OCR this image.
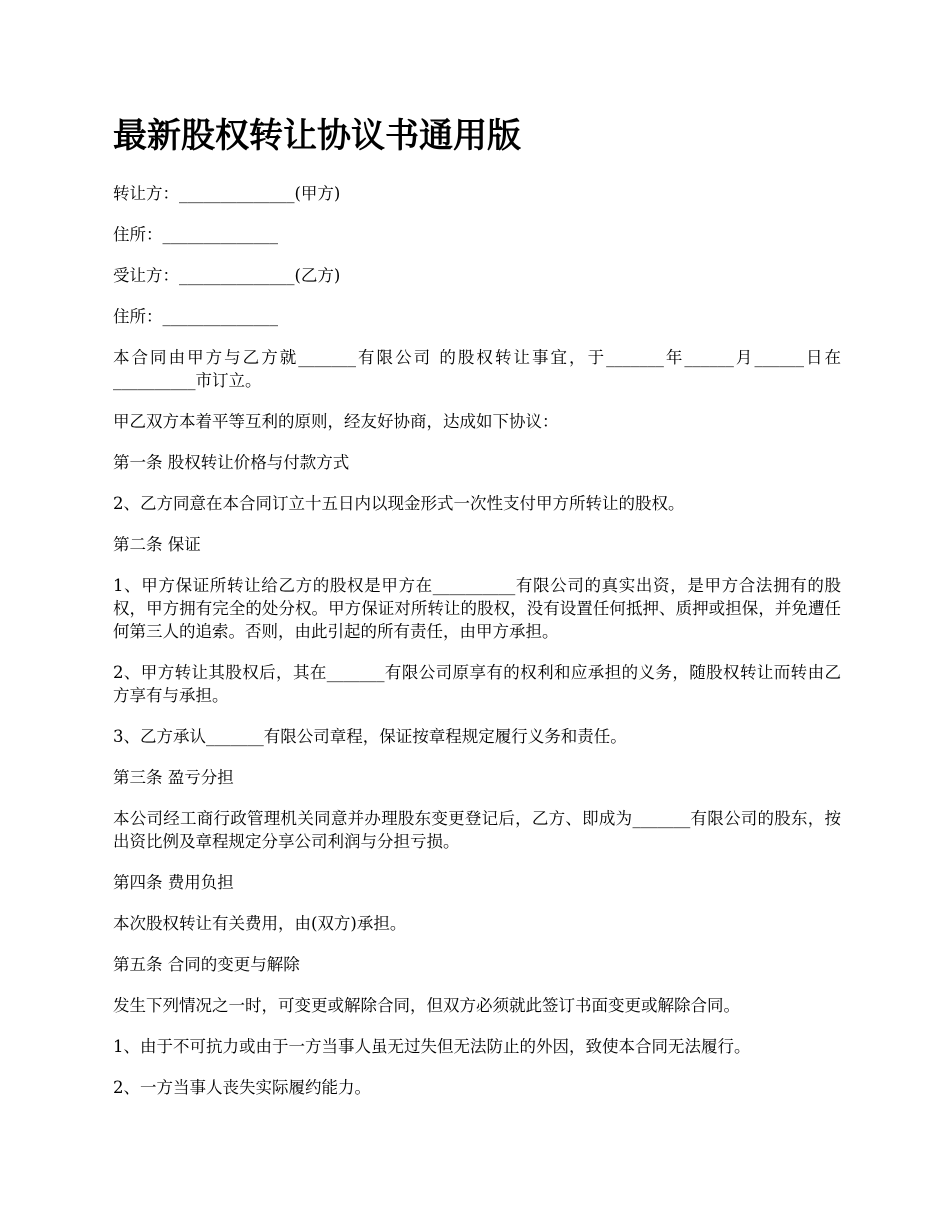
最新股权转让协议书通用版

转让方：______________(甲方)

住所：______________

受让方：______________(乙方)

住所：______________

本合同由甲方与乙方就_______有限公司 的股权转让事宜，于_______年______月______日在__________市订立。

甲乙双方本着平等互利的原则，经友好协商，达成如下协议：

第一条 股权转让价格与付款方式

2、乙方同意在本合同订立十五日内以现金形式一次性支付甲方所转让的股权。

第二条 保证

1、甲方保证所转让给乙方的股权是甲方在__________有限公司的真实出资，是甲方合法拥有的股权，甲方拥有完全的处分权。甲方保证对所转让的股权，没有设置任何抵押、质押或担保，并免遭任何第三人的追索。否则，由此引起的所有责任，由甲方承担。

2、甲方转让其股权后，其在_______有限公司原享有的权利和应承担的义务，随股权转让而转由乙方享有与承担。

3、乙方承认_______有限公司章程，保证按章程规定履行义务和责任。

第三条 盈亏分担

本公司经工商行政管理机关同意并办理股东变更登记后，乙方、即成为_______有限公司的股东，按出资比例及章程规定分享公司利润与分担亏损。

第四条 费用负担

本次股权转让有关费用，由(双方)承担。

第五条 合同的变更与解除

发生下列情况之一时，可变更或解除合同，但双方必须就此签订书面变更或解除合同。

1、由于不可抗力或由于一方当事人虽无过失但无法防止的外因，致使本合同无法履行。

2、一方当事人丧失实际履约能力。
